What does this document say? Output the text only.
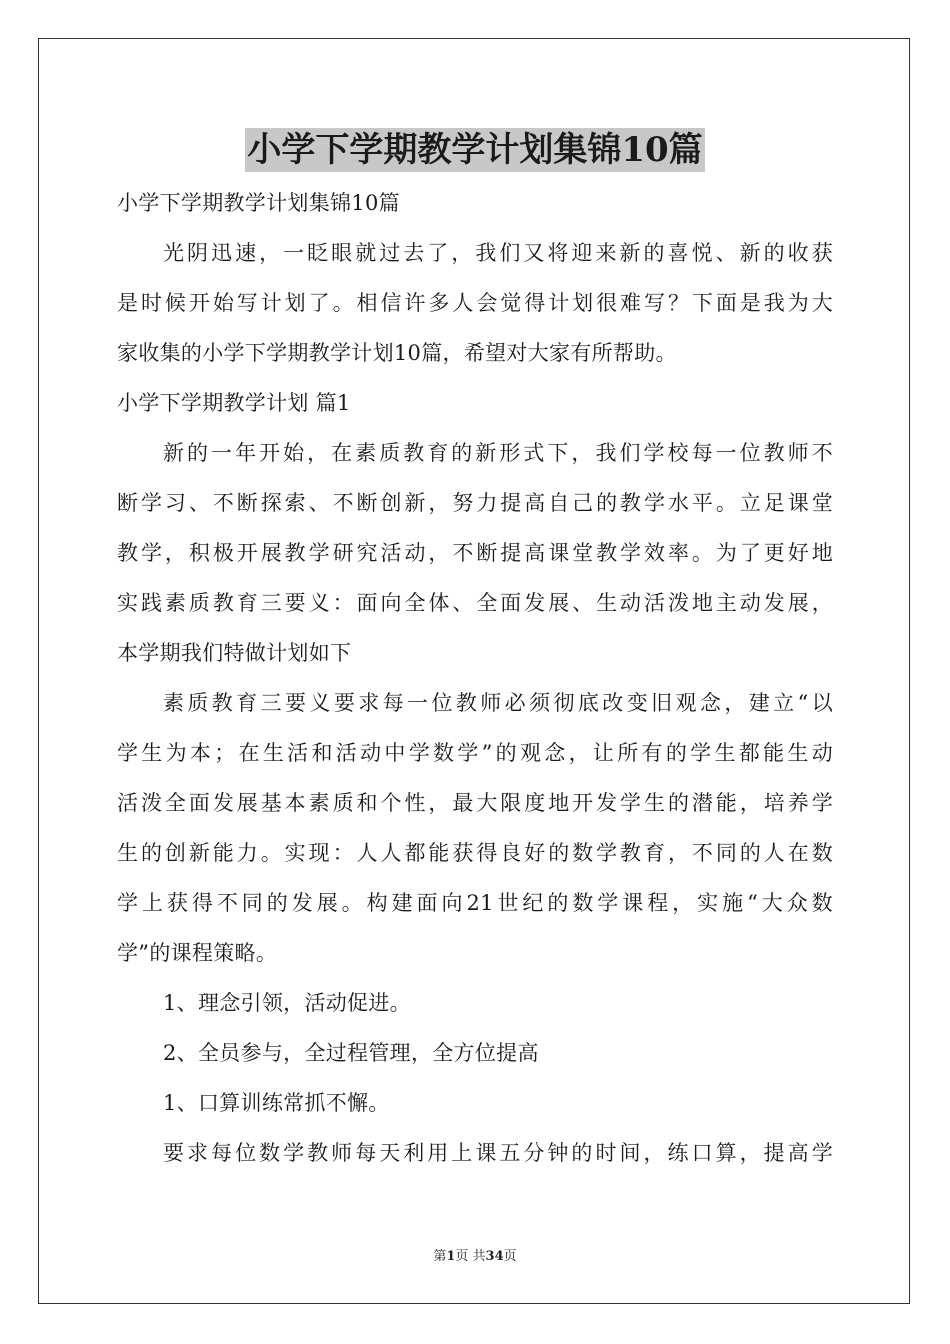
小学下学期教学计划集锦10篇
小学下学期教学计划集锦10篇
光阴迅速，一眨眼就过去了，我们又将迎来新的喜悦、新的收获
是时候开始写计划了。相信许多人会觉得计划很难写？下面是我为大
家收集的小学下学期教学计划10篇，希望对大家有所帮助。
小学下学期教学计划 篇1
新的一年开始，在素质教育的新形式下，我们学校每一位教师不
断学习、不断探索、不断创新，努力提高自己的教学水平。立足课堂
教学，积极开展教学研究活动，不断提高课堂教学效率。为了更好地
实践素质教育三要义：面向全体、全面发展、生动活泼地主动发展，
本学期我们特做计划如下
素质教育三要义要求每一位教师必须彻底改变旧观念，建立“以
学生为本；在生活和活动中学数学”的观念，让所有的学生都能生动
活泼全面发展基本素质和个性，最大限度地开发学生的潜能，培养学
生的创新能力。实现：人人都能获得良好的数学教育，不同的人在数
学上获得不同的发展。构建面向21世纪的数学课程，实施“大众数
学”的课程策略。
1、理念引领，活动促进。
2、全员参与，全过程管理，全方位提高
1、口算训练常抓不懈。
要求每位数学教师每天利用上课五分钟的时间，练口算，提高学
第1页 共34页
